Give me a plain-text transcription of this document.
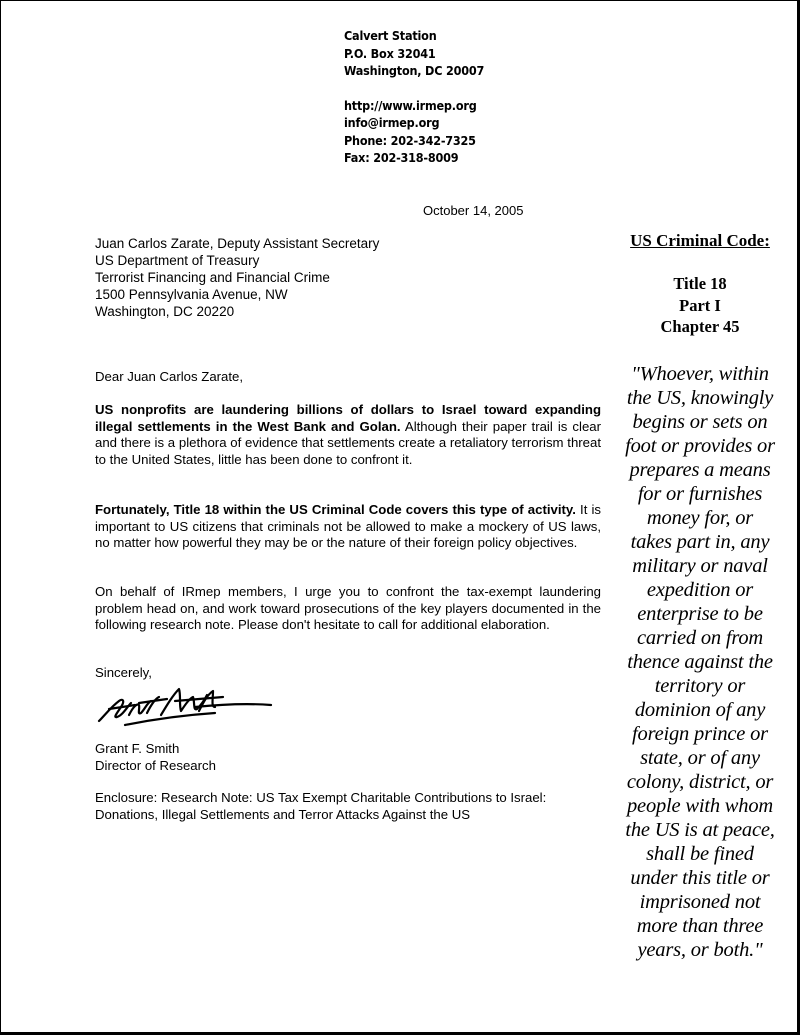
Calvert Station
P.O. Box 32041
Washington, DC 20007
http://www.irmep.org
info@irmep.org
Phone: 202-342-7325
Fax: 202-318-8009
October 14, 2005
Juan Carlos Zarate, Deputy Assistant Secretary
US Department of Treasury
Terrorist Financing and Financial Crime
1500 Pennsylvania Avenue, NW
Washington, DC 20220
Dear Juan Carlos Zarate,
US nonprofits are laundering billions of dollars to Israel toward expanding illegal settlements in the West Bank and Golan. Although their paper trail is clear and there is a plethora of evidence that settlements create a retaliatory terrorism threat to the United States, little has been done to confront it.
Fortunately, Title 18 within the US Criminal Code covers this type of activity. It is important to US citizens that criminals not be allowed to make a mockery of US laws, no matter how powerful they may be or the nature of their foreign policy objectives.
On behalf of IRmep members, I urge you to confront the tax-exempt laundering problem head on, and work toward prosecutions of the key players documented in the following research note. Please don't hesitate to call for additional elaboration.
Sincerely,
Grant F. Smith
Director of Research
Enclosure: Research Note: US Tax Exempt Charitable Contributions to Israel:
Donations, Illegal Settlements and Terror Attacks Against the US
US Criminal Code:
Title 18
Part I
Chapter 45
"Whoever, within
the US, knowingly
begins or sets on
foot or provides or
prepares a means
for or furnishes
money for, or
takes part in, any
military or naval
expedition or
enterprise to be
carried on from
thence against the
territory or
dominion of any
foreign prince or
state, or of any
colony, district, or
people with whom
the US is at peace,
shall be fined
under this title or
imprisoned not
more than three
years, or both."
